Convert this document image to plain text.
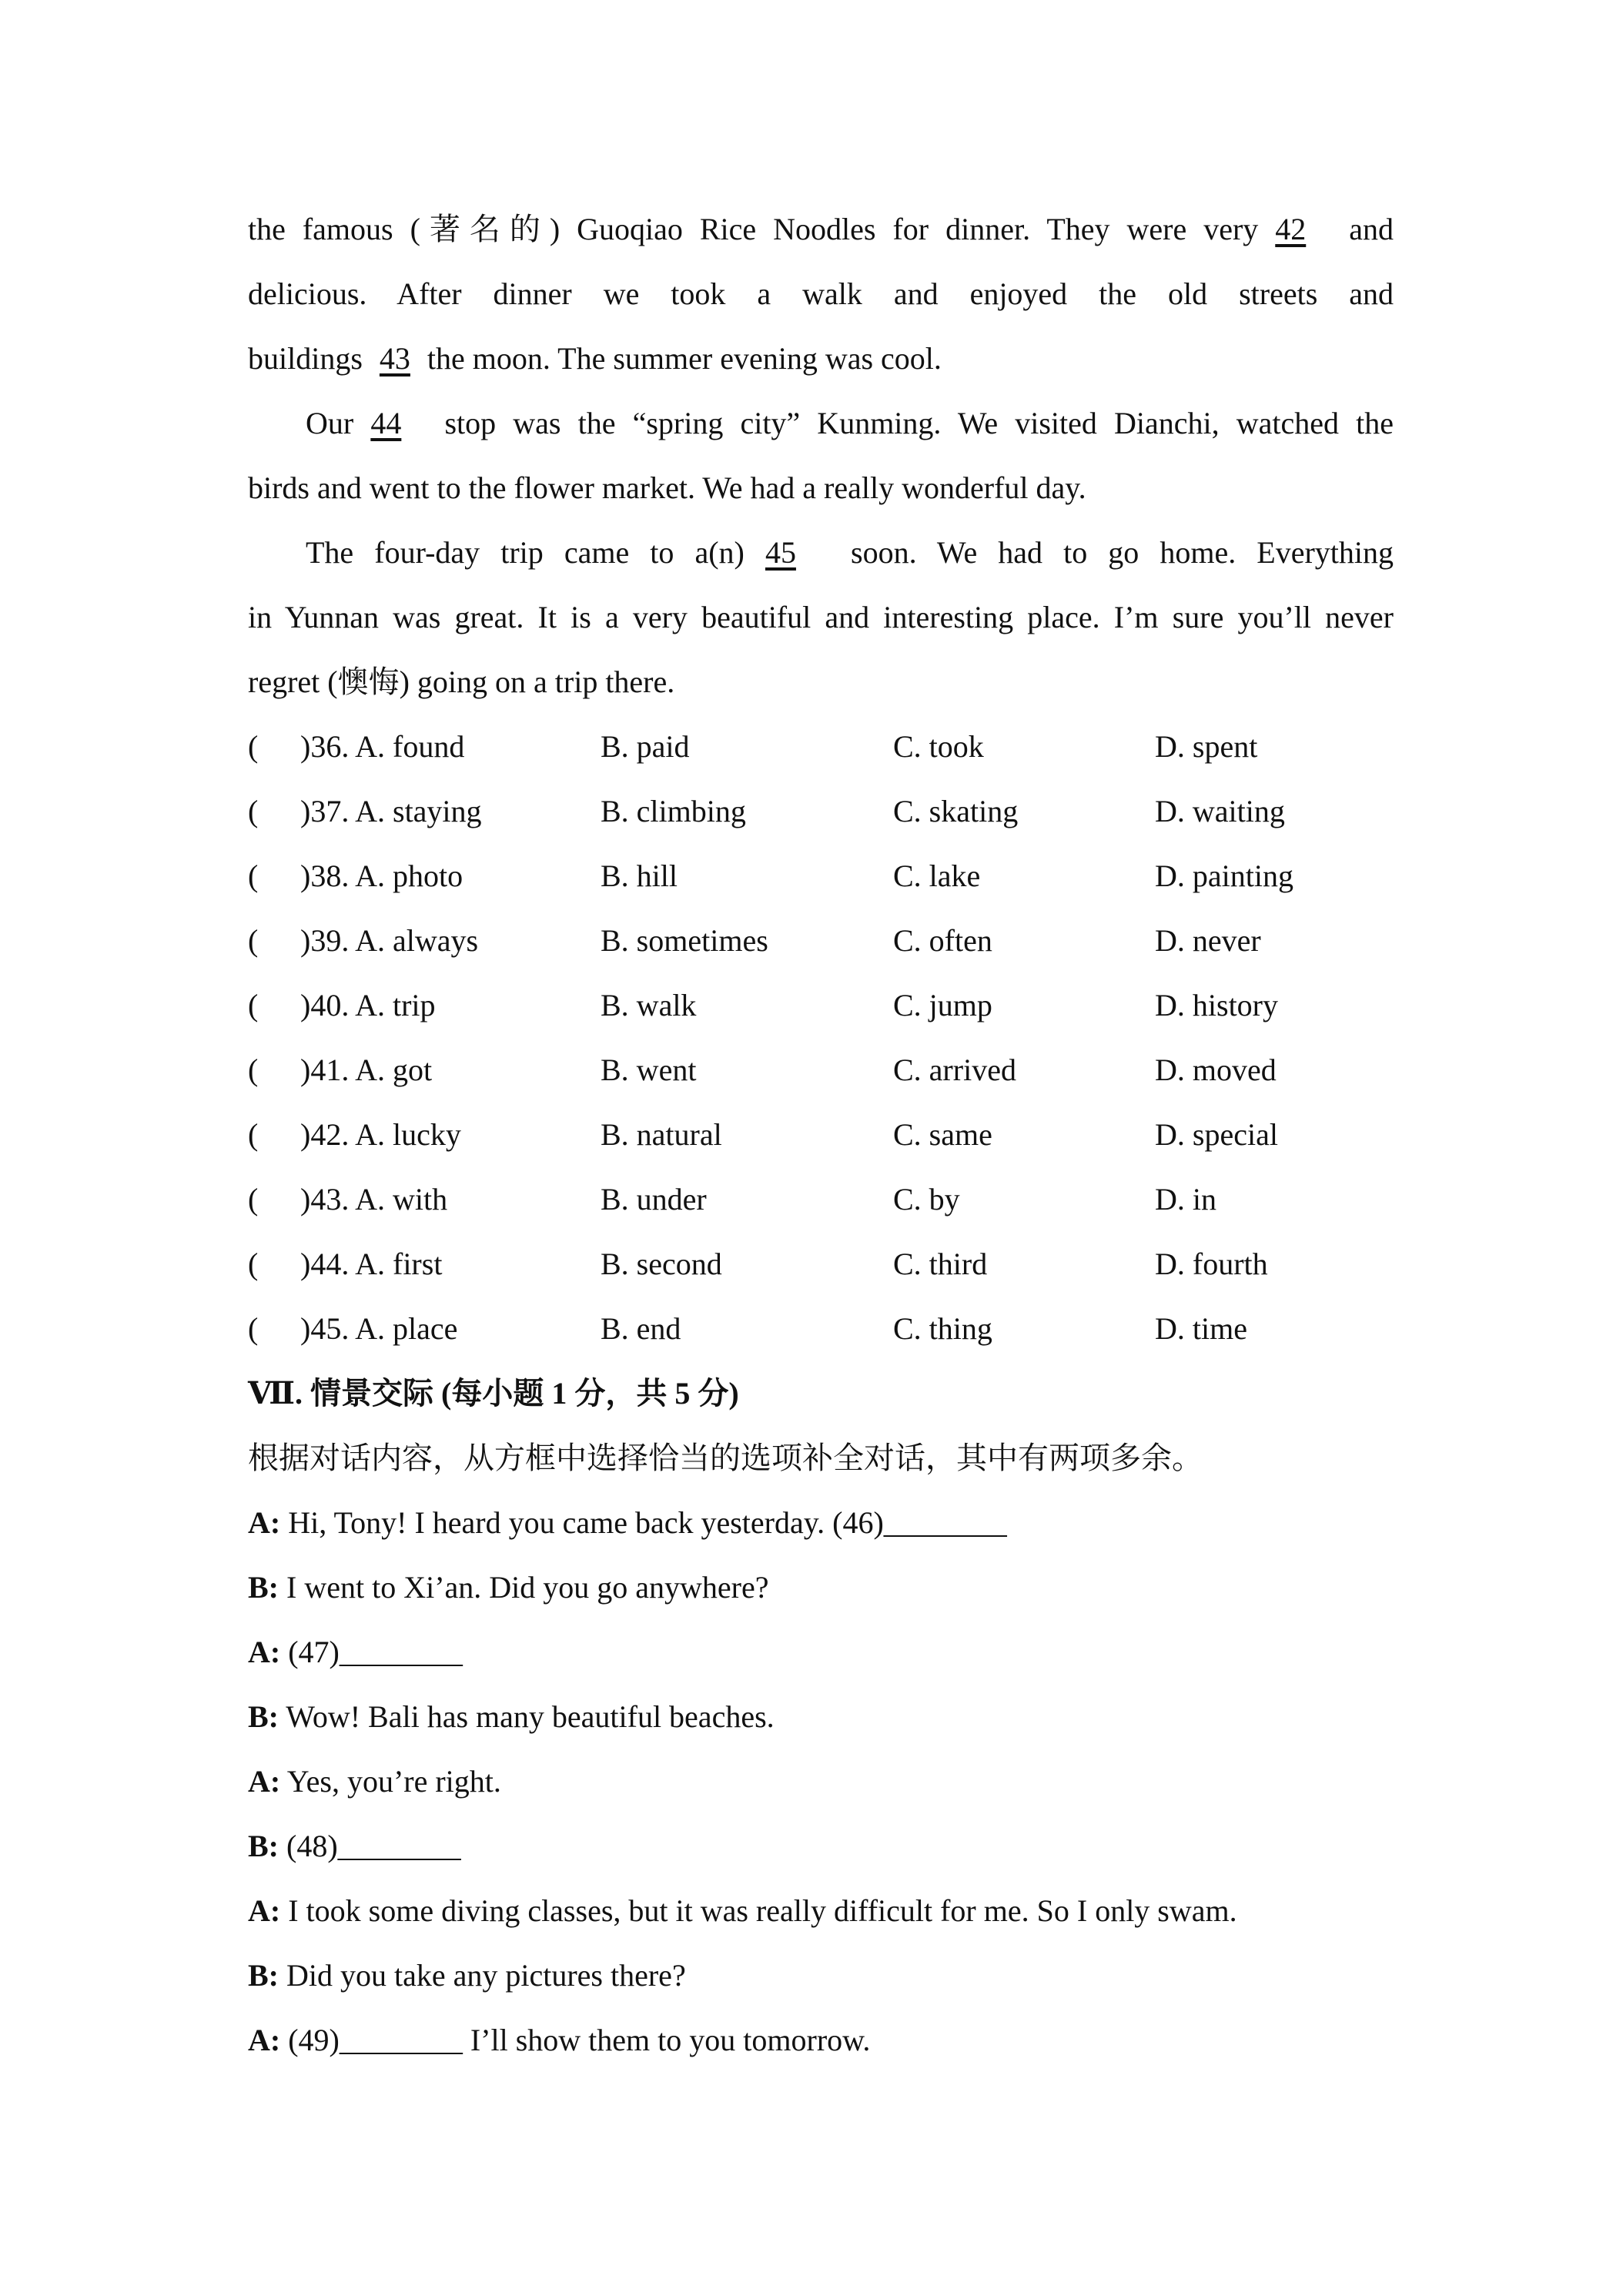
the famous (著名的) Guoqiao Rice Noodles for dinner. They were very 42 and
delicious. After dinner we took a walk and enjoyed the old streets and
buildings 43 the moon. The summer evening was cool.
Our 44 stop was the “spring city” Kunming. We visited Dianchi, watched the
birds and went to the flower market. We had a really wonderful day.
The four-day trip came to a(n) 45 soon. We had to go home. Everything
in Yunnan was great. It is a very beautiful and interesting place. I’m sure you’ll never
regret (懊悔) going on a trip there.
( )36. A. found	B. paid	C. took	D. spent
( )37. A. staying	B. climbing	C. skating	D. waiting
( )38. A. photo	B. hill	C. lake	D. painting
( )39. A. always	B. sometimes	C. often	D. never
( )40. A. trip	B. walk	C. jump	D. history
( )41. A. got	B. went	C. arrived	D. moved
( )42. A. lucky	B. natural	C. same	D. special
( )43. A. with	B. under	C. by	D. in
( )44. A. first	B. second	C. third	D. fourth
( )45. A. place	B. end	C. thing	D. time
Ⅶ. 情景交际 (每小题 1 分，共 5 分)
根据对话内容，从方框中选择恰当的选项补全对话，其中有两项多余。
A: Hi, Tony! I heard you came back yesterday. (46)________
B: I went to Xi’an. Did you go anywhere?
A: (47)________
B: Wow! Bali has many beautiful beaches.
A: Yes, you’re right.
B: (48)________
A: I took some diving classes, but it was really difficult for me. So I only swam.
B: Did you take any pictures there?
A: (49)________ I’ll show them to you tomorrow.
